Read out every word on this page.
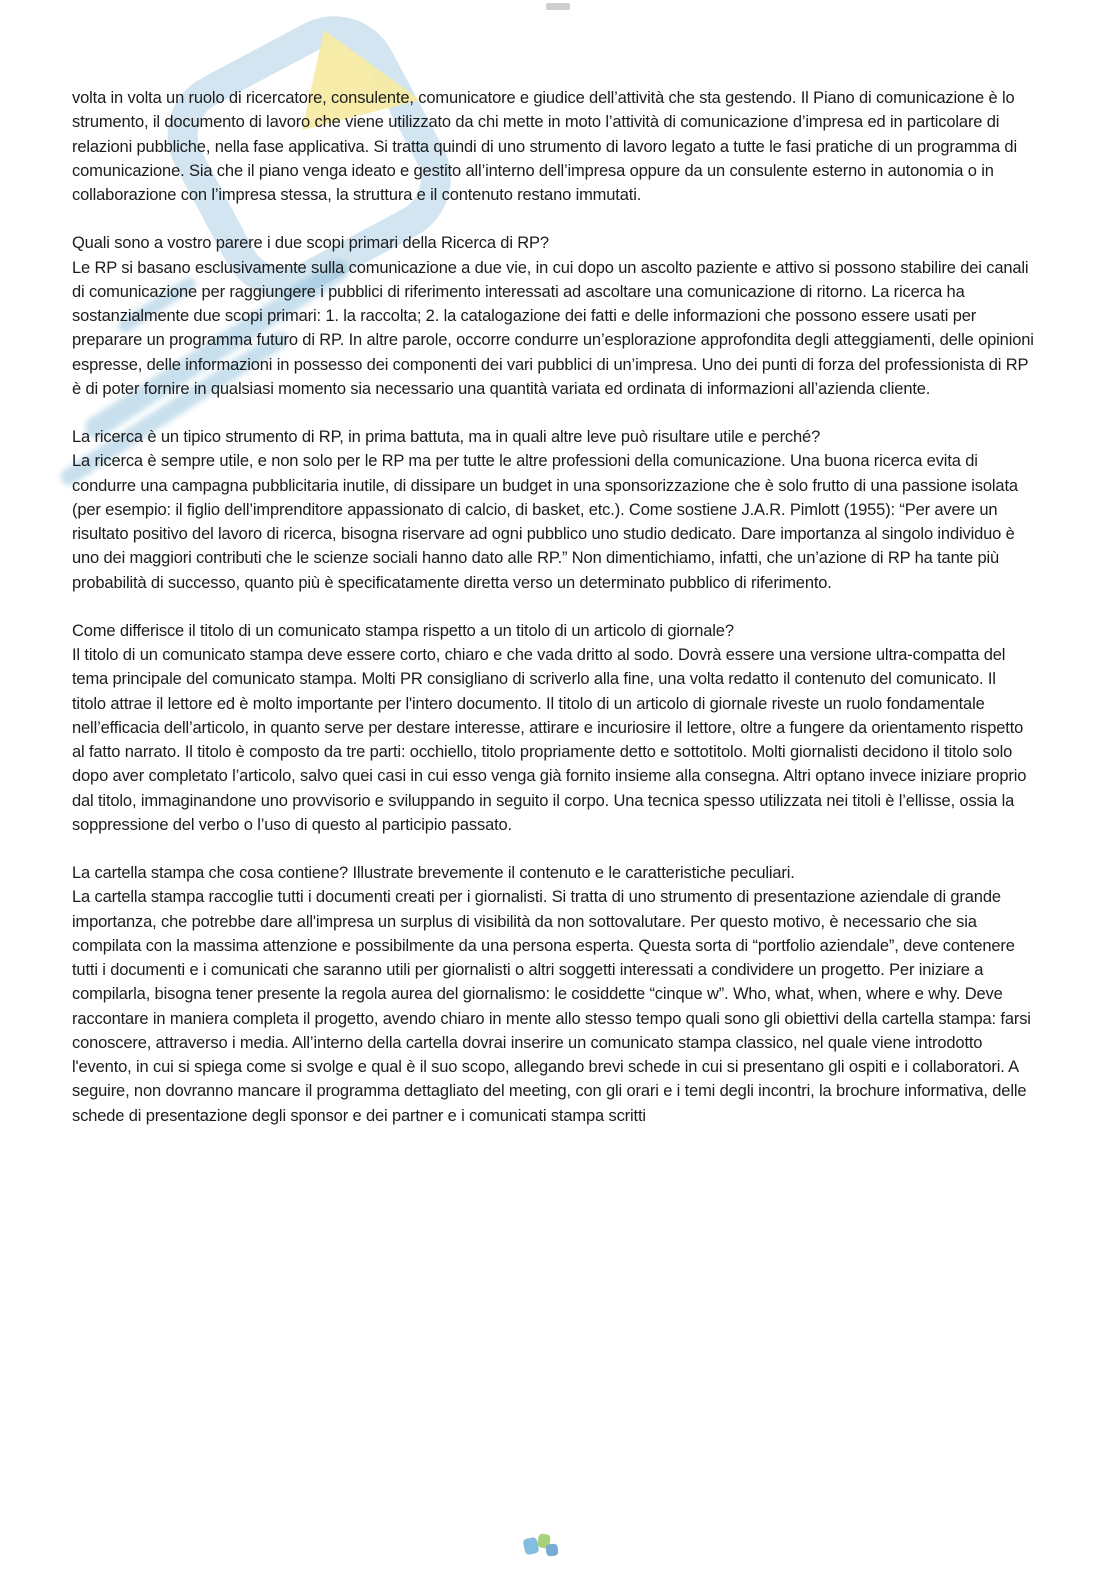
volta in volta un ruolo di ricercatore, consulente, comunicatore e giudice dell’attività che sta gestendo. Il Piano di comunicazione è lo strumento, il documento di lavoro che viene utilizzato da chi mette in moto l’attività di comunicazione d’impresa ed in particolare di relazioni pubbliche, nella fase applicativa. Si tratta quindi di uno strumento di lavoro legato a tutte le fasi pratiche di un programma di comunicazione. Sia che il piano venga ideato e gestito all’interno dell’impresa oppure da un consulente esterno in autonomia o in collaborazione con l’impresa stessa, la struttura e il contenuto restano immutati.

Quali sono a vostro parere i due scopi primari della Ricerca di RP?

Le RP si basano esclusivamente sulla comunicazione a due vie, in cui dopo un ascolto paziente e attivo si possono stabilire dei canali di comunicazione per raggiungere i pubblici di riferimento interessati ad ascoltare una comunicazione di ritorno. La ricerca ha sostanzialmente due scopi primari: 1. la raccolta; 2. la catalogazione dei fatti e delle informazioni che possono essere usati per preparare un programma futuro di RP. In altre parole, occorre condurre un’esplorazione approfondita degli atteggiamenti, delle opinioni espresse, delle informazioni in possesso dei componenti dei vari pubblici di un’impresa. Uno dei punti di forza del professionista di RP è di poter fornire in qualsiasi momento sia necessario una quantità variata ed ordinata di informazioni all’azienda cliente.

La ricerca è un tipico strumento di RP, in prima battuta, ma in quali altre leve può risultare utile e perché?

La ricerca è sempre utile, e non solo per le RP ma per tutte le altre professioni della comunicazione. Una buona ricerca evita di condurre una campagna pubblicitaria inutile, di dissipare un budget in una sponsorizzazione che è solo frutto di una passione isolata (per esempio: il figlio dell’imprenditore appassionato di calcio, di basket, etc.). Come sostiene J.A.R. Pimlott (1955): “Per avere un risultato positivo del lavoro di ricerca, bisogna riservare ad ogni pubblico uno studio dedicato. Dare importanza al singolo individuo è uno dei maggiori contributi che le scienze sociali hanno dato alle RP.” Non dimentichiamo, infatti, che un’azione di RP ha tante più probabilità di successo, quanto più è specificatamente diretta verso un determinato pubblico di riferimento.

Come differisce il titolo di un comunicato stampa rispetto a un titolo di un articolo di giornale?

Il titolo di un comunicato stampa deve essere corto, chiaro e che vada dritto al sodo. Dovrà essere una versione ultra-compatta del tema principale del comunicato stampa. Molti PR consigliano di scriverlo alla fine, una volta redatto il contenuto del comunicato. Il titolo attrae il lettore ed è molto importante per l'intero documento. Il titolo di un articolo di giornale riveste un ruolo fondamentale nell’efficacia dell’articolo, in quanto serve per destare interesse, attirare e incuriosire il lettore, oltre a fungere da orientamento rispetto al fatto narrato. Il titolo è composto da tre parti: occhiello, titolo propriamente detto e sottotitolo. Molti giornalisti decidono il titolo solo dopo aver completato l’articolo, salvo quei casi in cui esso venga già fornito insieme alla consegna. Altri optano invece iniziare proprio dal titolo, immaginandone uno provvisorio e sviluppando in seguito il corpo. Una tecnica spesso utilizzata nei titoli è l’ellisse, ossia la soppressione del verbo o l’uso di questo al participio passato.

La cartella stampa che cosa contiene? Illustrate brevemente il contenuto e le caratteristiche peculiari.

La cartella stampa raccoglie tutti i documenti creati per i giornalisti. Si tratta di uno strumento di presentazione aziendale di grande importanza, che potrebbe dare all'impresa un surplus di visibilità da non sottovalutare. Per questo motivo, è necessario che sia compilata con la massima attenzione e possibilmente da una persona esperta. Questa sorta di “portfolio aziendale”, deve contenere tutti i documenti e i comunicati che saranno utili per giornalisti o altri soggetti interessati a condividere un progetto. Per iniziare a compilarla, bisogna tener presente la regola aurea del giornalismo: le cosiddette “cinque w”. Who, what, when, where e why. Deve raccontare in maniera completa il progetto, avendo chiaro in mente allo stesso tempo quali sono gli obiettivi della cartella stampa: farsi conoscere, attraverso i media. All’interno della cartella dovrai inserire un comunicato stampa classico, nel quale viene introdotto l'evento, in cui si spiega come si svolge e qual è il suo scopo, allegando brevi schede in cui si presentano gli ospiti e i collaboratori. A seguire, non dovranno mancare il programma dettagliato del meeting, con gli orari e i temi degli incontri, la brochure informativa, delle schede di presentazione degli sponsor e dei partner e i comunicati stampa scritti
